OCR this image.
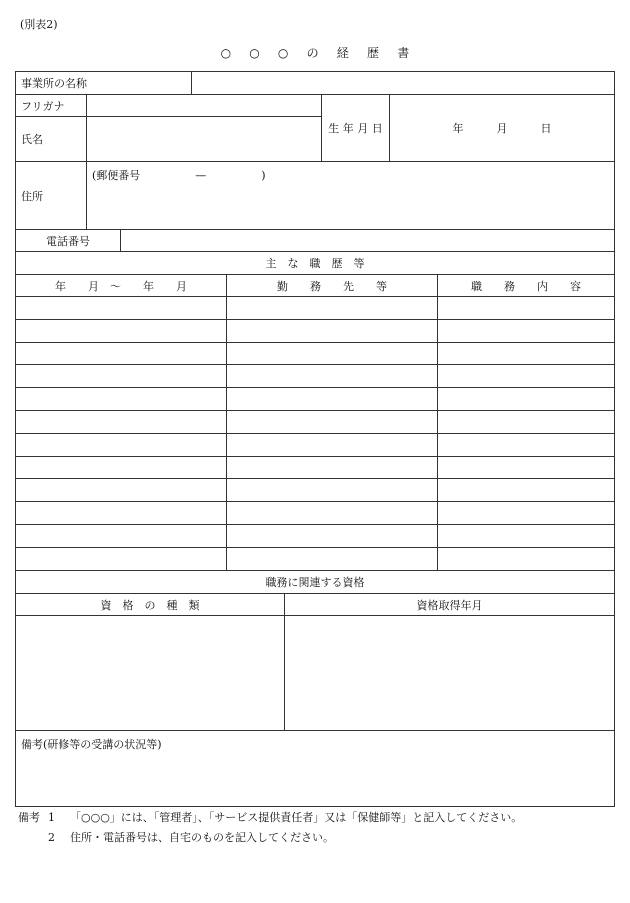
(別表2)
○ ○ ○ の 経 歴 書
事業所の名称					
フリガナ				生 年 月 日	年　　　月　　　日
氏名					
住所	(郵便番号　　　　　—　　　　　)				
電話番号					
主　な　職　歴　等		
年　　月　〜　　年　　月	勤　　務　　先　　等	職　　務　　内　　容

職務に関連する資格	
資　格　の　種　類	資格取得年月

備考(研修等の受講の状況等)	
備考 1	「○○○」には、「管理者」、「サービス提供責任者」又は「保健師等」と記入してください。
2	住所・電話番号は、自宅のものを記入してください。
